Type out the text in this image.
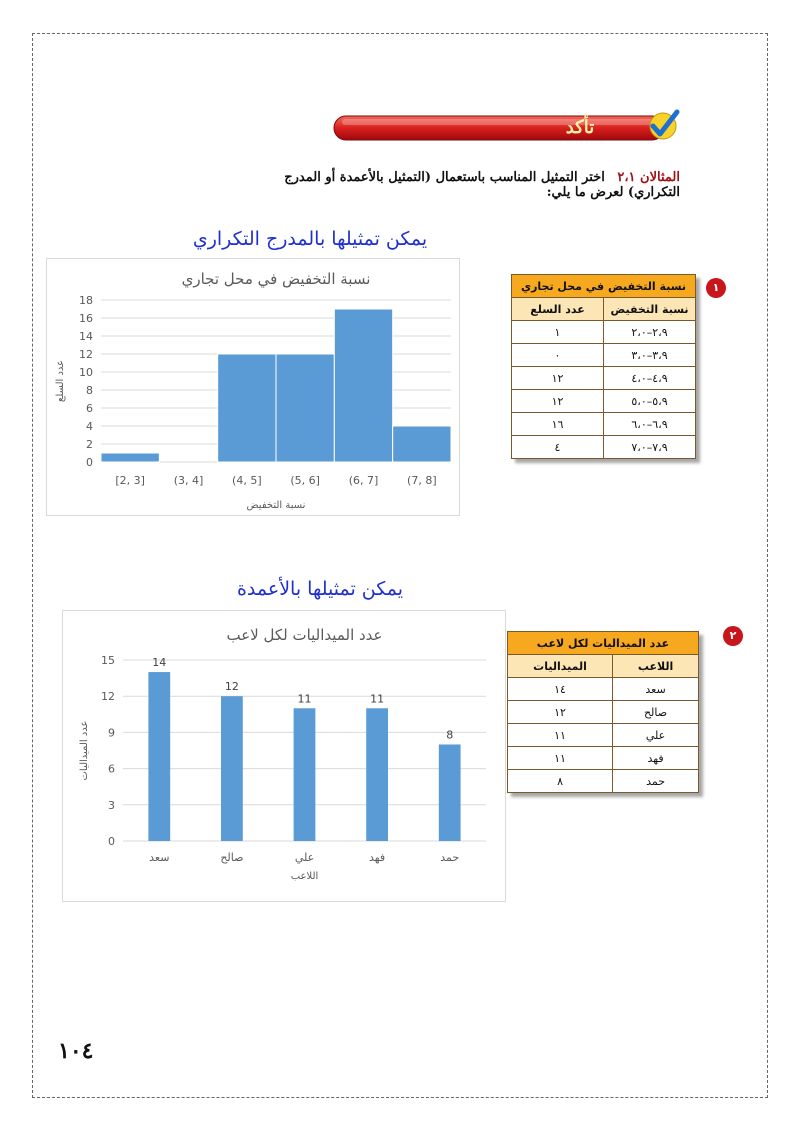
تأكد
المثالان ٢،١ اختر التمثيل المناسب باستعمال (التمثيل بالأعمدة أو المدرج التكراري) لعرض ما يلي:
يمكن تمثيلها بالمدرج التكراري
نسبة التخفيض في محل تجاري
0
2
4
6
8
10
12
14
16
18
[2, 3]	(3, 4]	(4, 5]	(5, 6]	(6, 7]	(7, 8]
نسبة التخفيض
عدد السلع
١
نسبة التخفيض في محل تجاري	
نسبة التخفيض	عدد السلع
٢،٩–٢،٠	١
٣،٩–٣،٠	٠
٤،٩–٤،٠	١٢
٥،٩–٥،٠	١٢
٦،٩–٦،٠	١٦
٧،٩–٧،٠	٤
يمكن تمثيلها بالأعمدة
عدد الميداليات لكل لاعب
0
3
6
9
12
15
سعد
14
صالح
12
علي
11
فهد
11
حمد
8
اللاعب
عدد الميداليات
٢
عدد الميداليات لكل لاعب	
اللاعب	الميداليات
سعد	١٤
صالح	١٢
علي	١١
فهد	١١
حمد	٨
١٠٤
